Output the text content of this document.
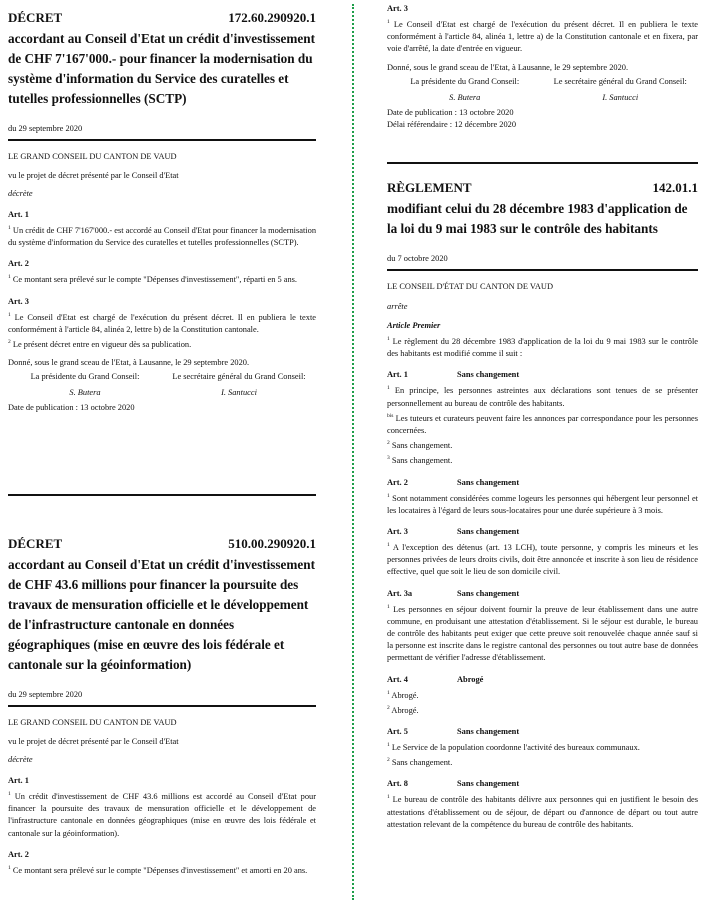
DÉCRET	172.60.290920.1
accordant au Conseil d'Etat un crédit d'investissement de CHF 7'167'000.- pour financer la modernisation du système d'information du Service des curatelles et tutelles professionnelles (SCTP)
du 29 septembre 2020
LE GRAND CONSEIL DU CANTON DE VAUD
vu le projet de décret présenté par le Conseil d'Etat
décrète
Art. 1

$^1$ Un crédit de CHF 7'167'000.- est accordé au Conseil d'Etat pour financer la modernisation du système d'information du Service des curatelles et tutelles professionnelles (SCTP).

Art. 2

$^1$ Ce montant sera prélevé sur le compte "Dépenses d'investissement", réparti en 5 ans.

Art. 3

$^1$ Le Conseil d'Etat est chargé de l'exécution du présent décret. Il en publiera le texte conformément à l'article 84, alinéa 2, lettre b) de la Constitution cantonale.

$^2$ Le présent décret entre en vigueur dès sa publication.

Donné, sous le grand sceau de l'Etat, à Lausanne, le 29 septembre 2020.

La présidente du Grand Conseil:	Le secrétaire général du Grand Conseil:
S. Butera	I. Santucci
Date de publication : 13 octobre 2020
DÉCRET	510.00.290920.1
accordant au Conseil d'Etat un crédit d'investissement de CHF 43.6 millions pour financer la poursuite des travaux de mensuration officielle et le développement de l'infrastructure cantonale en données géographiques (mise en œuvre des lois fédérale et cantonale sur la géoinformation)
du 29 septembre 2020
LE GRAND CONSEIL DU CANTON DE VAUD
vu le projet de décret présenté par le Conseil d'Etat
décrète
Art. 1

$^1$ Un crédit d'investissement de CHF 43.6 millions est accordé au Conseil d'Etat pour financer la poursuite des travaux de mensuration officielle et le développement de l'infrastructure cantonale en données géographiques (mise en œuvre des lois fédérale et cantonale sur la géoinformation).

Art. 2

$^1$ Ce montant sera prélevé sur le compte "Dépenses d'investissement" et amorti en 20 ans.

Art. 3

$^1$ Le Conseil d'Etat est chargé de l'exécution du présent décret. Il en publiera le texte conformément à l'article 84, alinéa 1, lettre a) de la Constitution cantonale et en fixera, par voie d'arrêté, la date d'entrée en vigueur.

Donné, sous le grand sceau de l'Etat, à Lausanne, le 29 septembre 2020.

La présidente du Grand Conseil:	Le secrétaire général du Grand Conseil:
S. Butera	I. Santucci
Date de publication : 13 octobre 2020
Délai référendaire : 12 décembre 2020
RÈGLEMENT	142.01.1
modifiant celui du 28 décembre 1983 d'application de la loi du 9 mai 1983 sur le contrôle des habitants
du 7 octobre 2020
LE CONSEIL D'ÉTAT DU CANTON DE VAUD
arrête
Article Premier

$^1$ Le règlement du 28 décembre 1983 d'application de la loi du 9 mai 1983 sur le contrôle des habitants est modifié comme il suit :

Art. 1	Sans changement

$^1$ En principe, les personnes astreintes aux déclarations sont tenues de se présenter personnellement au bureau de contrôle des habitants.

$^{bis}$ Les tuteurs et curateurs peuvent faire les annonces par correspondance pour les personnes concernées.

$^2$ Sans changement.

$^3$ Sans changement.

Art. 2	Sans changement

$^1$ Sont notamment considérées comme logeurs les personnes qui hébergent leur personnel et les locataires à l'égard de leurs sous-locataires pour une durée supérieure à 3 mois.

Art. 3	Sans changement

$^1$ A l'exception des détenus (art. 13 LCH), toute personne, y compris les mineurs et les personnes privées de leurs droits civils, doit être annoncée et inscrite à son lieu de résidence effective, quel que soit le lieu de son domicile civil.

Art. 3a	Sans changement

$^1$ Les personnes en séjour doivent fournir la preuve de leur établissement dans une autre commune, en produisant une attestation d'établissement. Si le séjour est durable, le bureau de contrôle des habitants peut exiger que cette preuve soit renouvelée chaque année sauf si la personne est inscrite dans le registre cantonal des personnes ou tout autre base de données permettant de vérifier l'adresse d'établissement.

Art. 4	Abrogé

$^1$ Abrogé.

$^2$ Abrogé.

Art. 5	Sans changement

$^1$ Le Service de la population coordonne l'activité des bureaux communaux.

$^2$ Sans changement.

Art. 8	Sans changement

$^1$ Le bureau de contrôle des habitants délivre aux personnes qui en justifient le besoin des attestations d'établissement ou de séjour, de départ ou d'annonce de départ ou tout autre attestation relevant de la compétence du bureau de contrôle des habitants.
